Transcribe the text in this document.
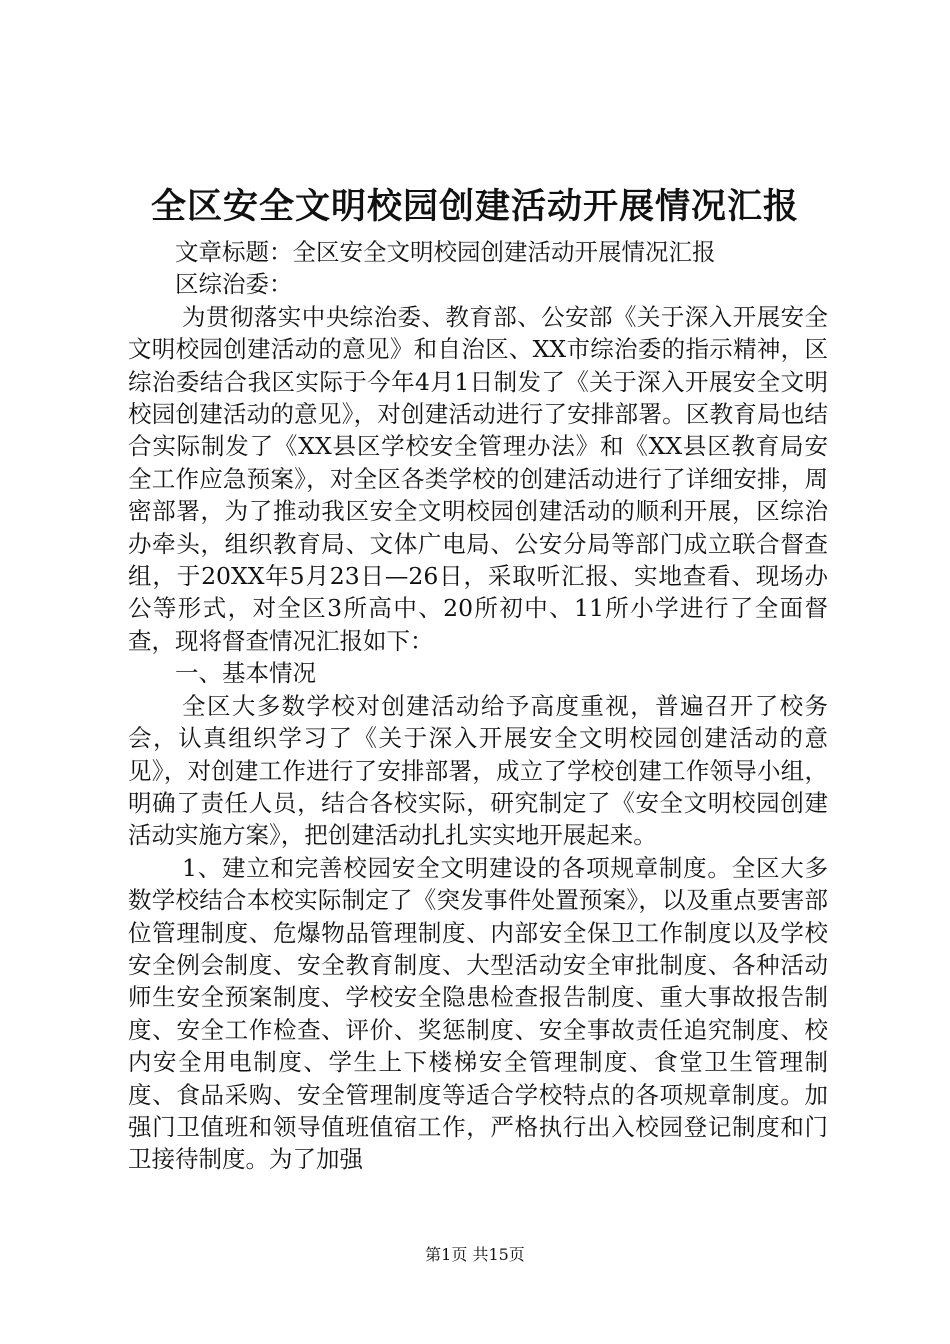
全区安全文明校园创建活动开展情况汇报

文章标题：全区安全文明校园创建活动开展情况汇报

区综治委：

为贯彻落实中央综治委、教育部、公安部《关于深入开展安全文明校园创建活动的意见》和自治区、XX市综治委的指示精神，区综治委结合我区实际于今年4月1日制发了《关于深入开展安全文明校园创建活动的意见》，对创建活动进行了安排部署。区教育局也结合实际制发了《XX县区学校安全管理办法》和《XX县区教育局安全工作应急预案》，对全区各类学校的创建活动进行了详细安排，周密部署，为了推动我区安全文明校园创建活动的顺利开展，区综治办牵头，组织教育局、文体广电局、公安分局等部门成立联合督查组，于20XX年5月23日—26日，采取听汇报、实地查看、现场办公等形式，对全区3所高中、20所初中、11所小学进行了全面督查，现将督查情况汇报如下：

一、基本情况

全区大多数学校对创建活动给予高度重视，普遍召开了校务会，认真组织学习了《关于深入开展安全文明校园创建活动的意见》，对创建工作进行了安排部署，成立了学校创建工作领导小组，明确了责任人员，结合各校实际，研究制定了《安全文明校园创建活动实施方案》，把创建活动扎扎实实地开展起来。

1、建立和完善校园安全文明建设的各项规章制度。全区大多数学校结合本校实际制定了《突发事件处置预案》，以及重点要害部位管理制度、危爆物品管理制度、内部安全保卫工作制度以及学校安全例会制度、安全教育制度、大型活动安全审批制度、各种活动师生安全预案制度、学校安全隐患检查报告制度、重大事故报告制度、安全工作检查、评价、奖惩制度、安全事故责任追究制度、校内安全用电制度、学生上下楼梯安全管理制度、食堂卫生管理制度、食品采购、安全管理制度等适合学校特点的各项规章制度。加强门卫值班和领导值班值宿工作，严格执行出入校园登记制度和门卫接待制度。为了加强

第1页 共15页
